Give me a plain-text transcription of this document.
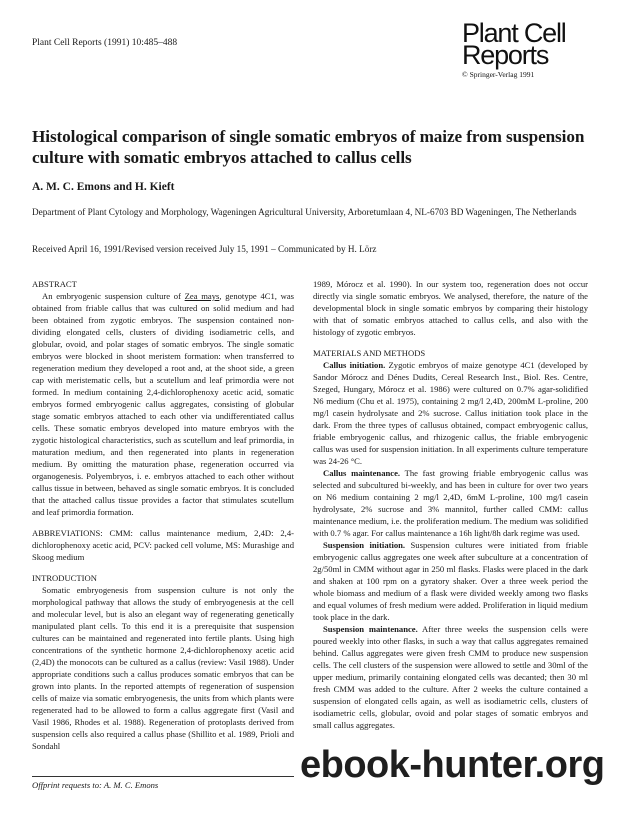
Plant Cell Reports (1991) 10:485–488	Plant Cell
Reports
© Springer-Verlag 1991
Histological comparison of single somatic embryos of maize from suspension culture with somatic embryos attached to callus cells
A. M. C. Emons and H. Kieft
Department of Plant Cytology and Morphology, Wageningen Agricultural University, Arboretumlaan 4, NL-6703 BD Wageningen, The Netherlands
Received April 16, 1991/Revised version received July 15, 1991 – Communicated by H. Lörz

ABSTRACT

An embryogenic suspension culture of Zea mays, genotype 4C1, was obtained from friable callus that was cultured on solid medium and had been obtained from zygotic embryos. The suspension contained non-dividing elongated cells, clusters of dividing isodiametric cells, and globular, ovoid, and polar stages of somatic embryos. The single somatic embryos were blocked in shoot meristem formation: when transferred to regeneration medium they developed a root and, at the shoot side, a green cap with meristematic cells, but a scutellum and leaf primordia were not formed. In medium containing 2,4-dichlorophenoxy acetic acid, somatic embryos formed embryogenic callus aggregates, consisting of globular stage somatic embryos attached to each other via undifferentiated callus cells. These somatic embryos developed into mature embryos with the zygotic histological characteristics, such as scutellum and leaf primordia, in maturation medium, and then regenerated into plants in regeneration medium. By omitting the maturation phase, regeneration occurred via organogenesis. Polyembryos, i. e. embryos attached to each other without callus tissue in between, behaved as single somatic embryos. It is concluded that the attached callus tissue provides a factor that stimulates scutellum and leaf primordia formation.

ABBREVIATIONS: CMM: callus maintenance medium, 2,4D: 2,4-dichlorophenoxy acetic acid, PCV: packed cell volume, MS: Murashige and Skoog medium

INTRODUCTION

Somatic embryogenesis from suspension culture is not only the morphological pathway that allows the study of embryogenesis at the cell and molecular level, but is also an elegant way of regenerating genetically manipulated plant cells. To this end it is a prerequisite that suspension cultures can be maintained and regenerated into fertile plants. Using high concentrations of the synthetic hormone 2,4-dichlorophenoxy acetic acid (2,4D) the monocots can be cultured as a callus (review: Vasil 1988). Under appropriate conditions such a callus produces somatic embryos that can be grown into plants. In the reported attempts of regeneration of suspension cells of maize via somatic embryogenesis, the units from which plants were regenerated had to be allowed to form a callus aggregate first (Vasil and Vasil 1986, Rhodes et al. 1988). Regeneration of protoplasts derived from suspension cells also required a callus phase (Shillito et al. 1989, Prioli and Sondahl

Offprint requests to: A. M. C. Emons

1989, Mórocz et al. 1990). In our system too, regeneration does not occur directly via single somatic embryos. We analysed, therefore, the nature of the developmental block in single somatic embryos by comparing their histology with that of somatic embryos attached to callus cells, and also with the histology of zygotic embryos.

MATERIALS AND METHODS

Callus initiation. Zygotic embryos of maize genotype 4C1 (developed by Sandor Mórocz and Dénes Dudits, Cereal Research Inst., Biol. Res. Centre, Szeged, Hungary, Mórocz et al. 1986) were cultured on 0.7% agar-solidified N6 medium (Chu et al. 1975), containing 2 mg/l 2,4D, 200mM L-proline, 200 mg/l casein hydrolysate and 2% sucrose. Callus initiation took place in the dark. From the three types of callusus obtained, compact embryogenic callus, friable embryogenic callus, and rhizogenic callus, the friable embryogenic callus was used for suspension initiation. In all experiments culture temperature was 24-26 °C.

Callus maintenance. The fast growing friable embryogenic callus was selected and subcultured bi-weekly, and has been in culture for over two years on N6 medium containing 2 mg/l 2,4D, 6mM L-proline, 100 mg/l casein hydrolysate, 2% sucrose and 3% mannitol, further called CMM: callus maintenance medium, i.e. the proliferation medium. The medium was solidified with 0.7 % agar. For callus maintenance a 16h light/8h dark regime was used.

Suspension initiation. Suspension cultures were initiated from friable embryogenic callus aggregates one week after subculture at a concentration of 2g/50ml in CMM without agar in 250 ml flasks. Flasks were placed in the dark and shaken at 100 rpm on a gyratory shaker. Over a three week period the whole biomass and medium of a flask were divided weekly among two flasks and equal volumes of fresh medium were added. Proliferation in liquid medium took place in the dark.

Suspension maintenance. After three weeks the suspension cells were poured weekly into other flasks, in such a way that callus aggregates remained behind. Callus aggregates were given fresh CMM to produce new suspension cells. The cell clusters of the suspension were allowed to settle and 30ml of the upper medium, primarily containing elongated cells was decanted; then 30 ml fresh CMM was added to the culture. After 2 weeks the culture contained a suspension of elongated cells again, as well as isodiametric cells, clusters of isodiametric cells, globular, ovoid and polar stages of somatic embryos and small callus aggregates.

ebook-hunter.org
